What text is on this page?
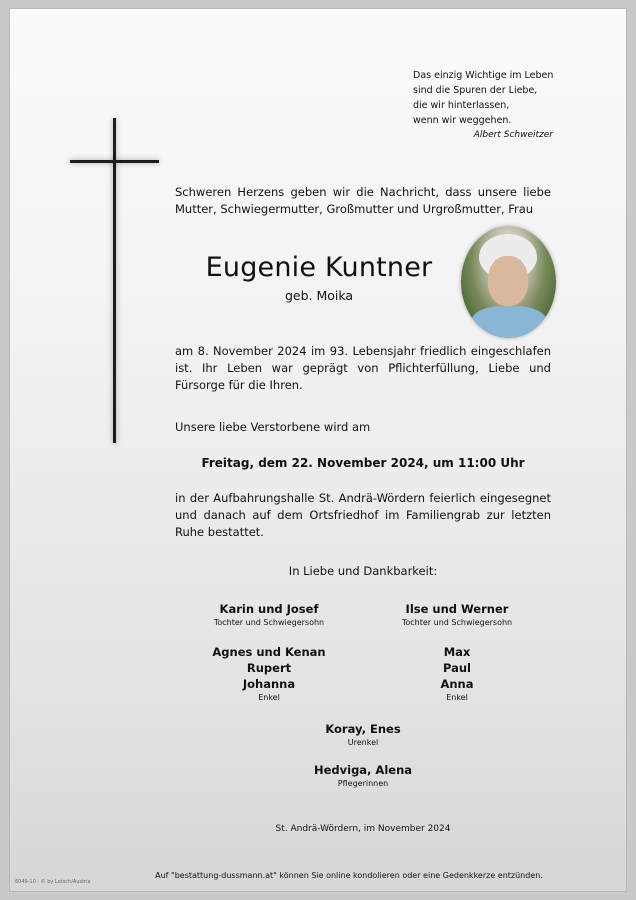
Das einzig Wichtige im Leben
sind die Spuren der Liebe,
die wir hinterlassen,
wenn wir weggehen.
Albert Schweitzer
Schweren Herzens geben wir die Nachricht, dass unsere liebe Mutter, Schwiegermutter, Großmutter und Urgroßmutter, Frau
Eugenie Kuntner
geb. Moika
am 8. November 2024 im 93. Lebensjahr friedlich eingeschlafen ist. Ihr Leben war geprägt von Pflichterfüllung, Liebe und Fürsorge für die Ihren.
Unsere liebe Verstorbene wird am
Freitag, dem 22. November 2024, um 11:00 Uhr
in der Aufbahrungshalle St. Andrä-Wördern feierlich eingesegnet und danach auf dem Ortsfriedhof im Familiengrab zur letzten Ruhe bestattet.
In Liebe und Dankbarkeit:
Karin und Josef
Tochter und Schwiegersohn
Ilse und Werner
Tochter und Schwiegersohn
Agnes und Kenan
Rupert
Johanna
Enkel
Max
Paul
Anna
Enkel
Koray, Enes
Urenkel
Hedviga, Alena
Pflegerinnen
St. Andrä-Wördern, im November 2024
Auf "bestattung-dussmann.at" können Sie online kondolieren oder eine Gedenkkerze entzünden.
6049-10 · © by Lotsch/Austria
